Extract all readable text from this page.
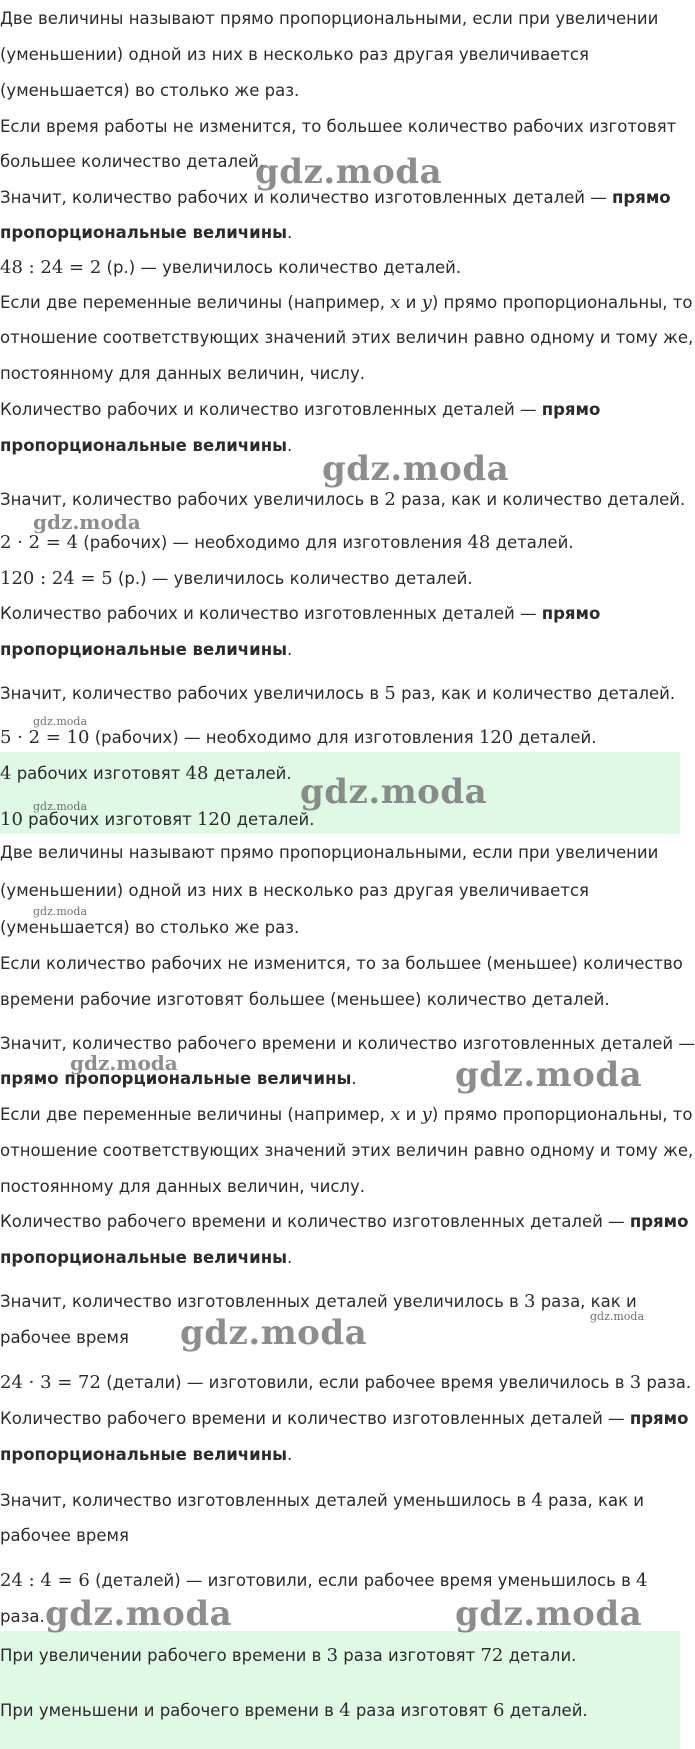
Две величины называют прямо пропорциональными, если при увеличении
(уменьшении) одной из них в несколько раз другая увеличивается
(уменьшается) во столько же раз.
Если время работы не изменится, то большее количество рабочих изготовят
большее количество деталей.
Значит, количество рабочих и количество изготовленных деталей — прямо
пропорциональные величины.
48 : 24 = 2 (р.) — увеличилось количество деталей.
Если две переменные величины (например, x и y) прямо пропорциональны, то
отношение соответствующих значений этих величин равно одному и тому же,
постоянному для данных величин, числу.
Количество рабочих и количество изготовленных деталей — прямо
пропорциональные величины.
Значит, количество рабочих увеличилось в 2 раза, как и количество деталей.
2 · 2 = 4 (рабочих) — необходимо для изготовления 48 деталей.
120 : 24 = 5 (р.) — увеличилось количество деталей.
Количество рабочих и количество изготовленных деталей — прямо
пропорциональные величины.
Значит, количество рабочих увеличилось в 5 раз, как и количество деталей.
5 · 2 = 10 (рабочих) — необходимо для изготовления 120 деталей.
4 рабочих изготовят 48 деталей.
10 рабочих изготовят 120 деталей.
Две величины называют прямо пропорциональными, если при увеличении
(уменьшении) одной из них в несколько раз другая увеличивается
(уменьшается) во столько же раз.
Если количество рабочих не изменится, то за большее (меньшее) количество
времени рабочие изготовят большее (меньшее) количество деталей.
Значит, количество рабочего времени и количество изготовленных деталей —
прямо пропорциональные величины.
Если две переменные величины (например, x и y) прямо пропорциональны, то
отношение соответствующих значений этих величин равно одному и тому же,
постоянному для данных величин, числу.
Количество рабочего времени и количество изготовленных деталей — прямо
пропорциональные величины.
Значит, количество изготовленных деталей увеличилось в 3 раза, как и
рабочее время
24 · 3 = 72 (детали) — изготовили, если рабочее время увеличилось в 3 раза.
Количество рабочего времени и количество изготовленных деталей — прямо
пропорциональные величины.
Значит, количество изготовленных деталей уменьшилось в 4 раза, как и
рабочее время
24 : 4 = 6 (деталей) — изготовили, если рабочее время уменьшилось в 4
раза.
При увеличении рабочего времени в 3 раза изготовят 72 детали.
При уменьшени и рабочего времени в 4 раза изготовят 6 деталей.
gdz.moda
gdz.moda
gdz.moda
gdz.moda
gdz.moda
gdz.moda
gdz.moda
gdz.moda	gdz.moda
gdz.moda
gdz.moda
gdz.moda	gdz.moda
